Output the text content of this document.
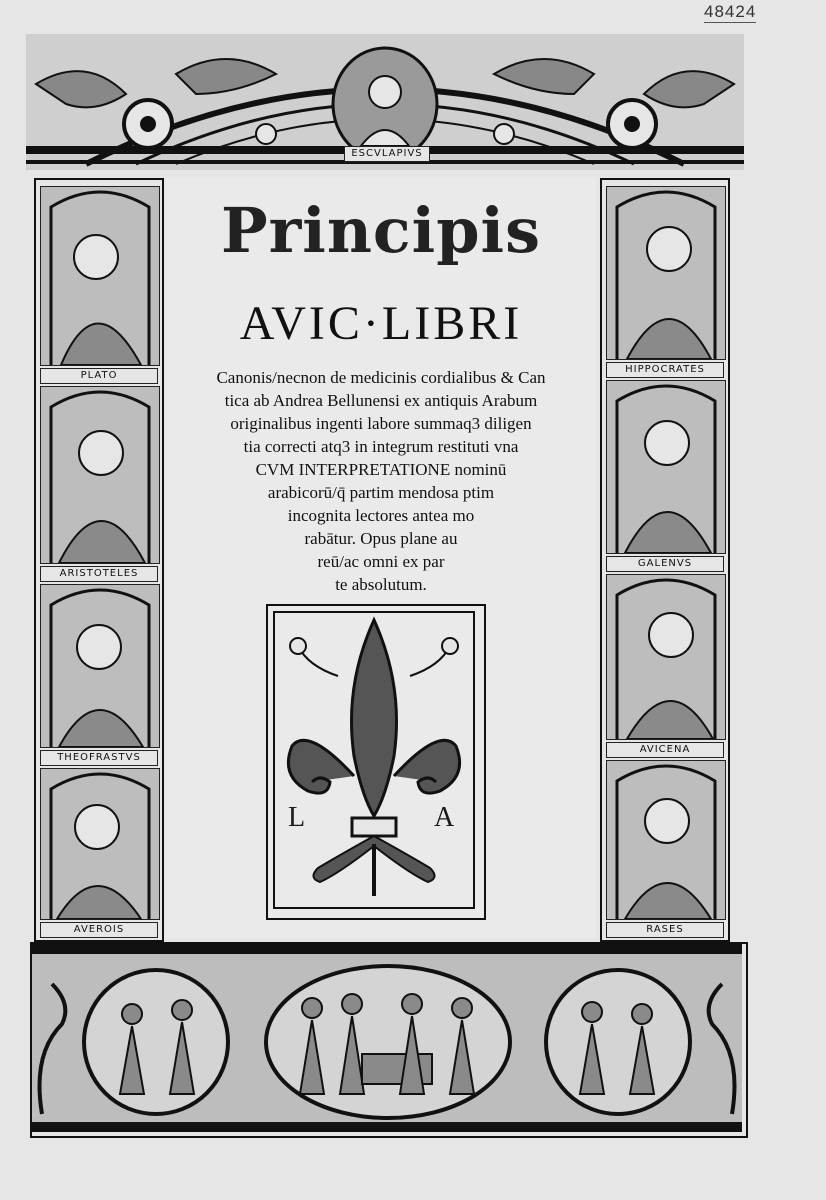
48424
ESCVLAPIVS
PLATO
ARISTOTELES
THEOFRASTVS
AVEROIS
HIPPOCRATES
GALENVS
AVICENA
RASES
Principis
AVIC·LIBRI
Canonis/necnon de medicinis cordialibus & Can
tica ab Andrea Bellunensi ex antiquis Arabum
originalibus ingenti labore summaq3 diligen
tia correcti atq3 in integrum restituti vna
CVM INTERPRETATIONE nominū
arabicorū/q̄ partim mendosa ptim
incognita lectores antea mo
rabātur. Opus plane au
reū/ac omni ex par
te absolutum.
L	A
